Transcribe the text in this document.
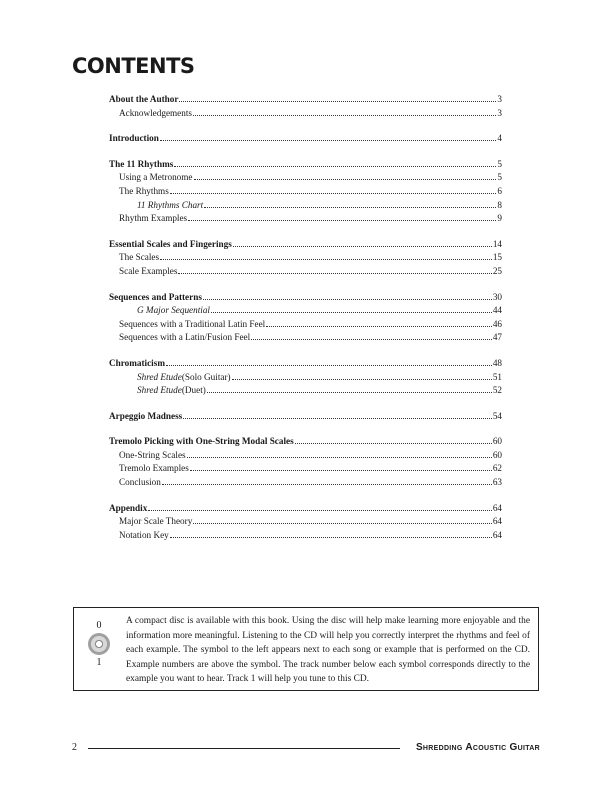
CONTENTS
About the Author	3
Acknowledgements	3
Introduction	4
The 11 Rhythms	5
Using a Metronome	5
The Rhythms	6
11 Rhythms Chart	8
Rhythm Examples	9
Essential Scales and Fingerings	14
The Scales	15
Scale Examples	25
Sequences and Patterns	30
G Major Sequential	44
Sequences with a Traditional Latin Feel	46
Sequences with a Latin/Fusion Feel	47
Chromaticism	48
Shred Etude (Solo Guitar)	51
Shred Etude (Duet)	52
Arpeggio Madness	54
Tremolo Picking with One-String Modal Scales	60
One-String Scales	60
Tremolo Examples	62
Conclusion	63
Appendix	64
Major Scale Theory	64
Notation Key	64
0
1
A compact disc is available with this book. Using the disc will help make learning more enjoyable and the information more meaningful. Listening to the CD will help you correctly interpret the rhythms and feel of each example. The symbol to the left appears next to each song or example that is performed on the CD. Example numbers are above the symbol. The track number below each symbol corresponds directly to the example you want to hear. Track 1 will help you tune to this CD.
2	Shredding Acoustic Guitar
